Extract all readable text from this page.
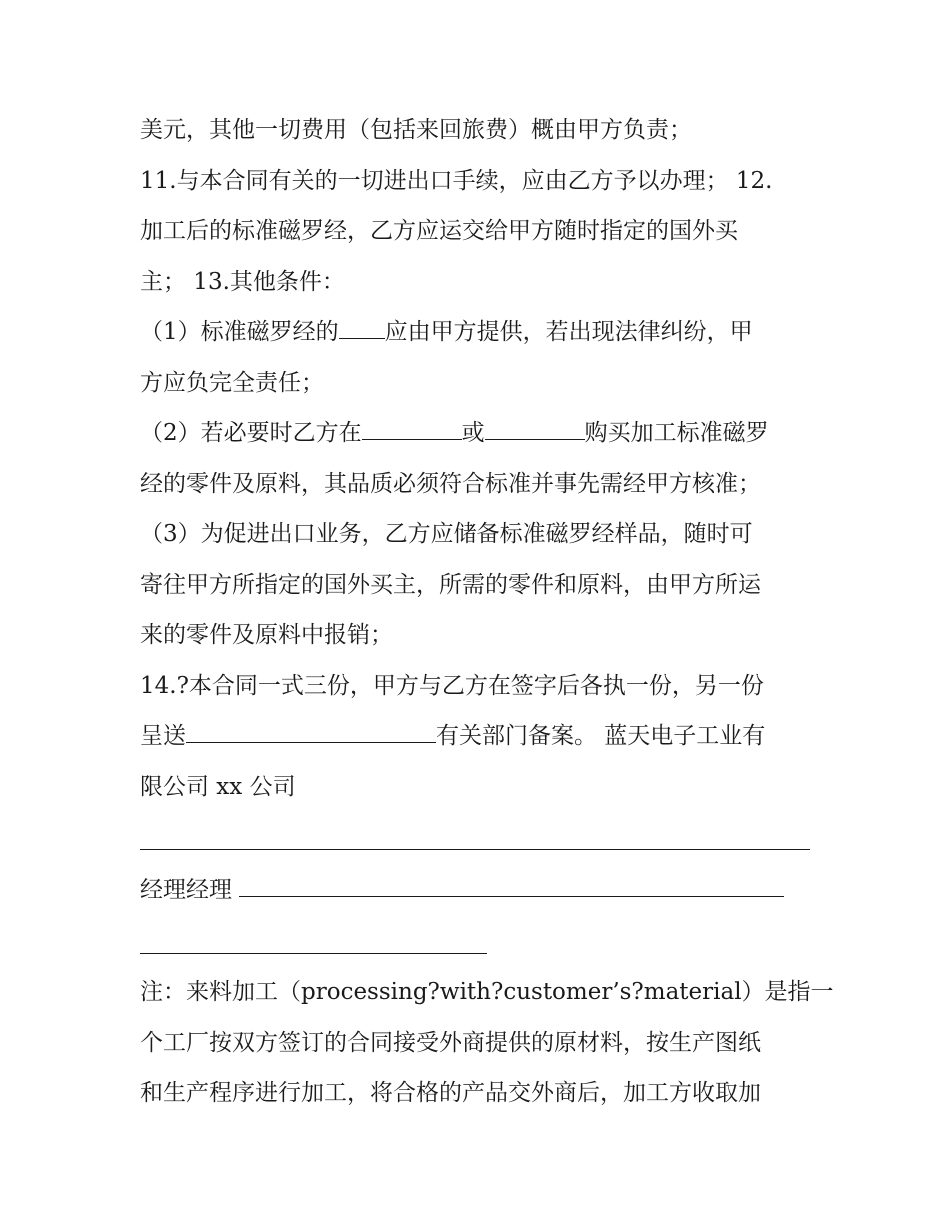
美元，其他一切费用（包括来回旅费）概由甲方负责；
11.与本合同有关的一切进出口手续，应由乙方予以办理； 12.
加工后的标准磁罗经，乙方应运交给甲方随时指定的国外买
主； 13.其他条件：
（1）标准磁罗经的 应由甲方提供，若出现法律纠纷，甲
方应负完全责任；
（2）若必要时乙方在	或	购买加工标准磁罗
经的零件及原料，其品质必须符合标准并事先需经甲方核准；
（3）为促进出口业务，乙方应储备标准磁罗经样品，随时可
寄往甲方所指定的国外买主，所需的零件和原料，由甲方所运
来的零件及原料中报销；
14.?本合同一式三份，甲方与乙方在签字后各执一份，另一份
呈送	有关部门备案。 蓝天电子工业有
限公司 xx 公司
经理经理
注：来料加工（processing?with?customer’s?material）是指一
个工厂按双方签订的合同接受外商提供的原材料，按生产图纸
和生产程序进行加工，将合格的产品交外商后，加工方收取加
